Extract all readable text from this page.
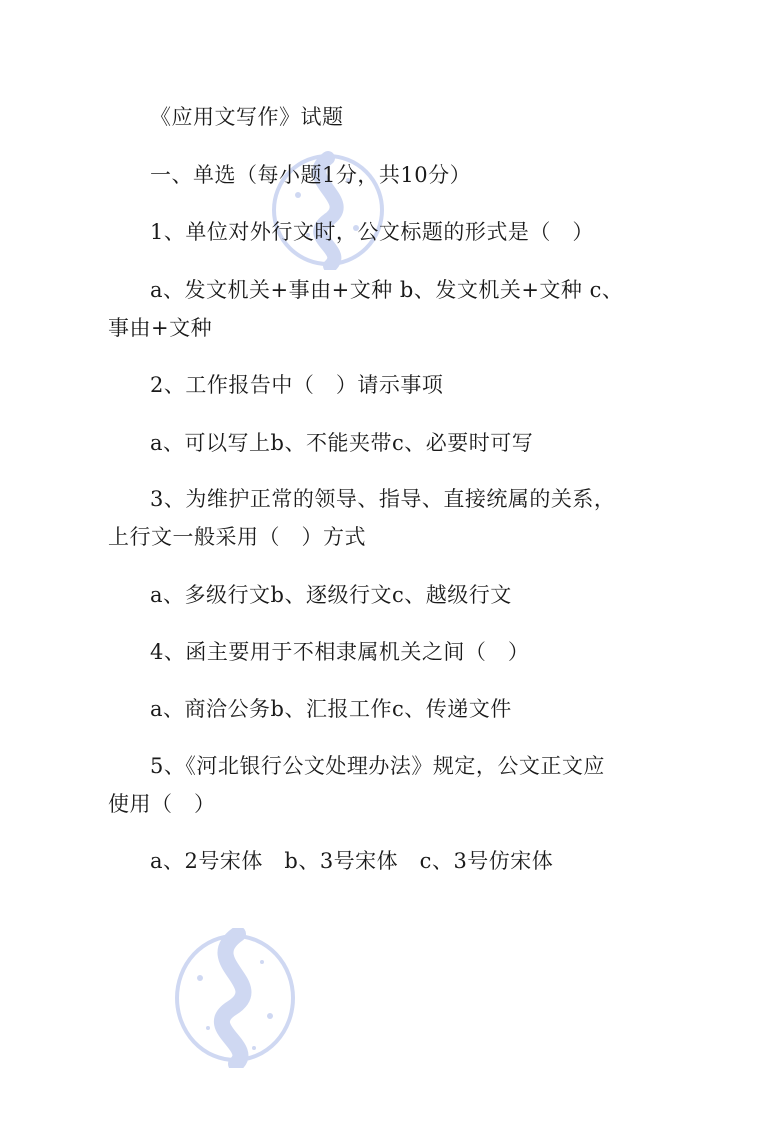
《应用文写作》试题
一、单选（每小题1分，共10分）
1、单位对外行文时，公文标题的形式是（　）
a、发文机关+事由+文种 b、发文机关+文种 c、
事由+文种
2、工作报告中（　）请示事项
a、可以写上b、不能夹带c、必要时可写
3、为维护正常的领导、指导、直接统属的关系，
上行文一般采用（　）方式
a、多级行文b、逐级行文c、越级行文
4、函主要用于不相隶属机关之间（　）
a、商洽公务b、汇报工作c、传递文件
5、《河北银行公文处理办法》规定，公文正文应
使用（　）
a、2号宋体　b、3号宋体　c、3号仿宋体
